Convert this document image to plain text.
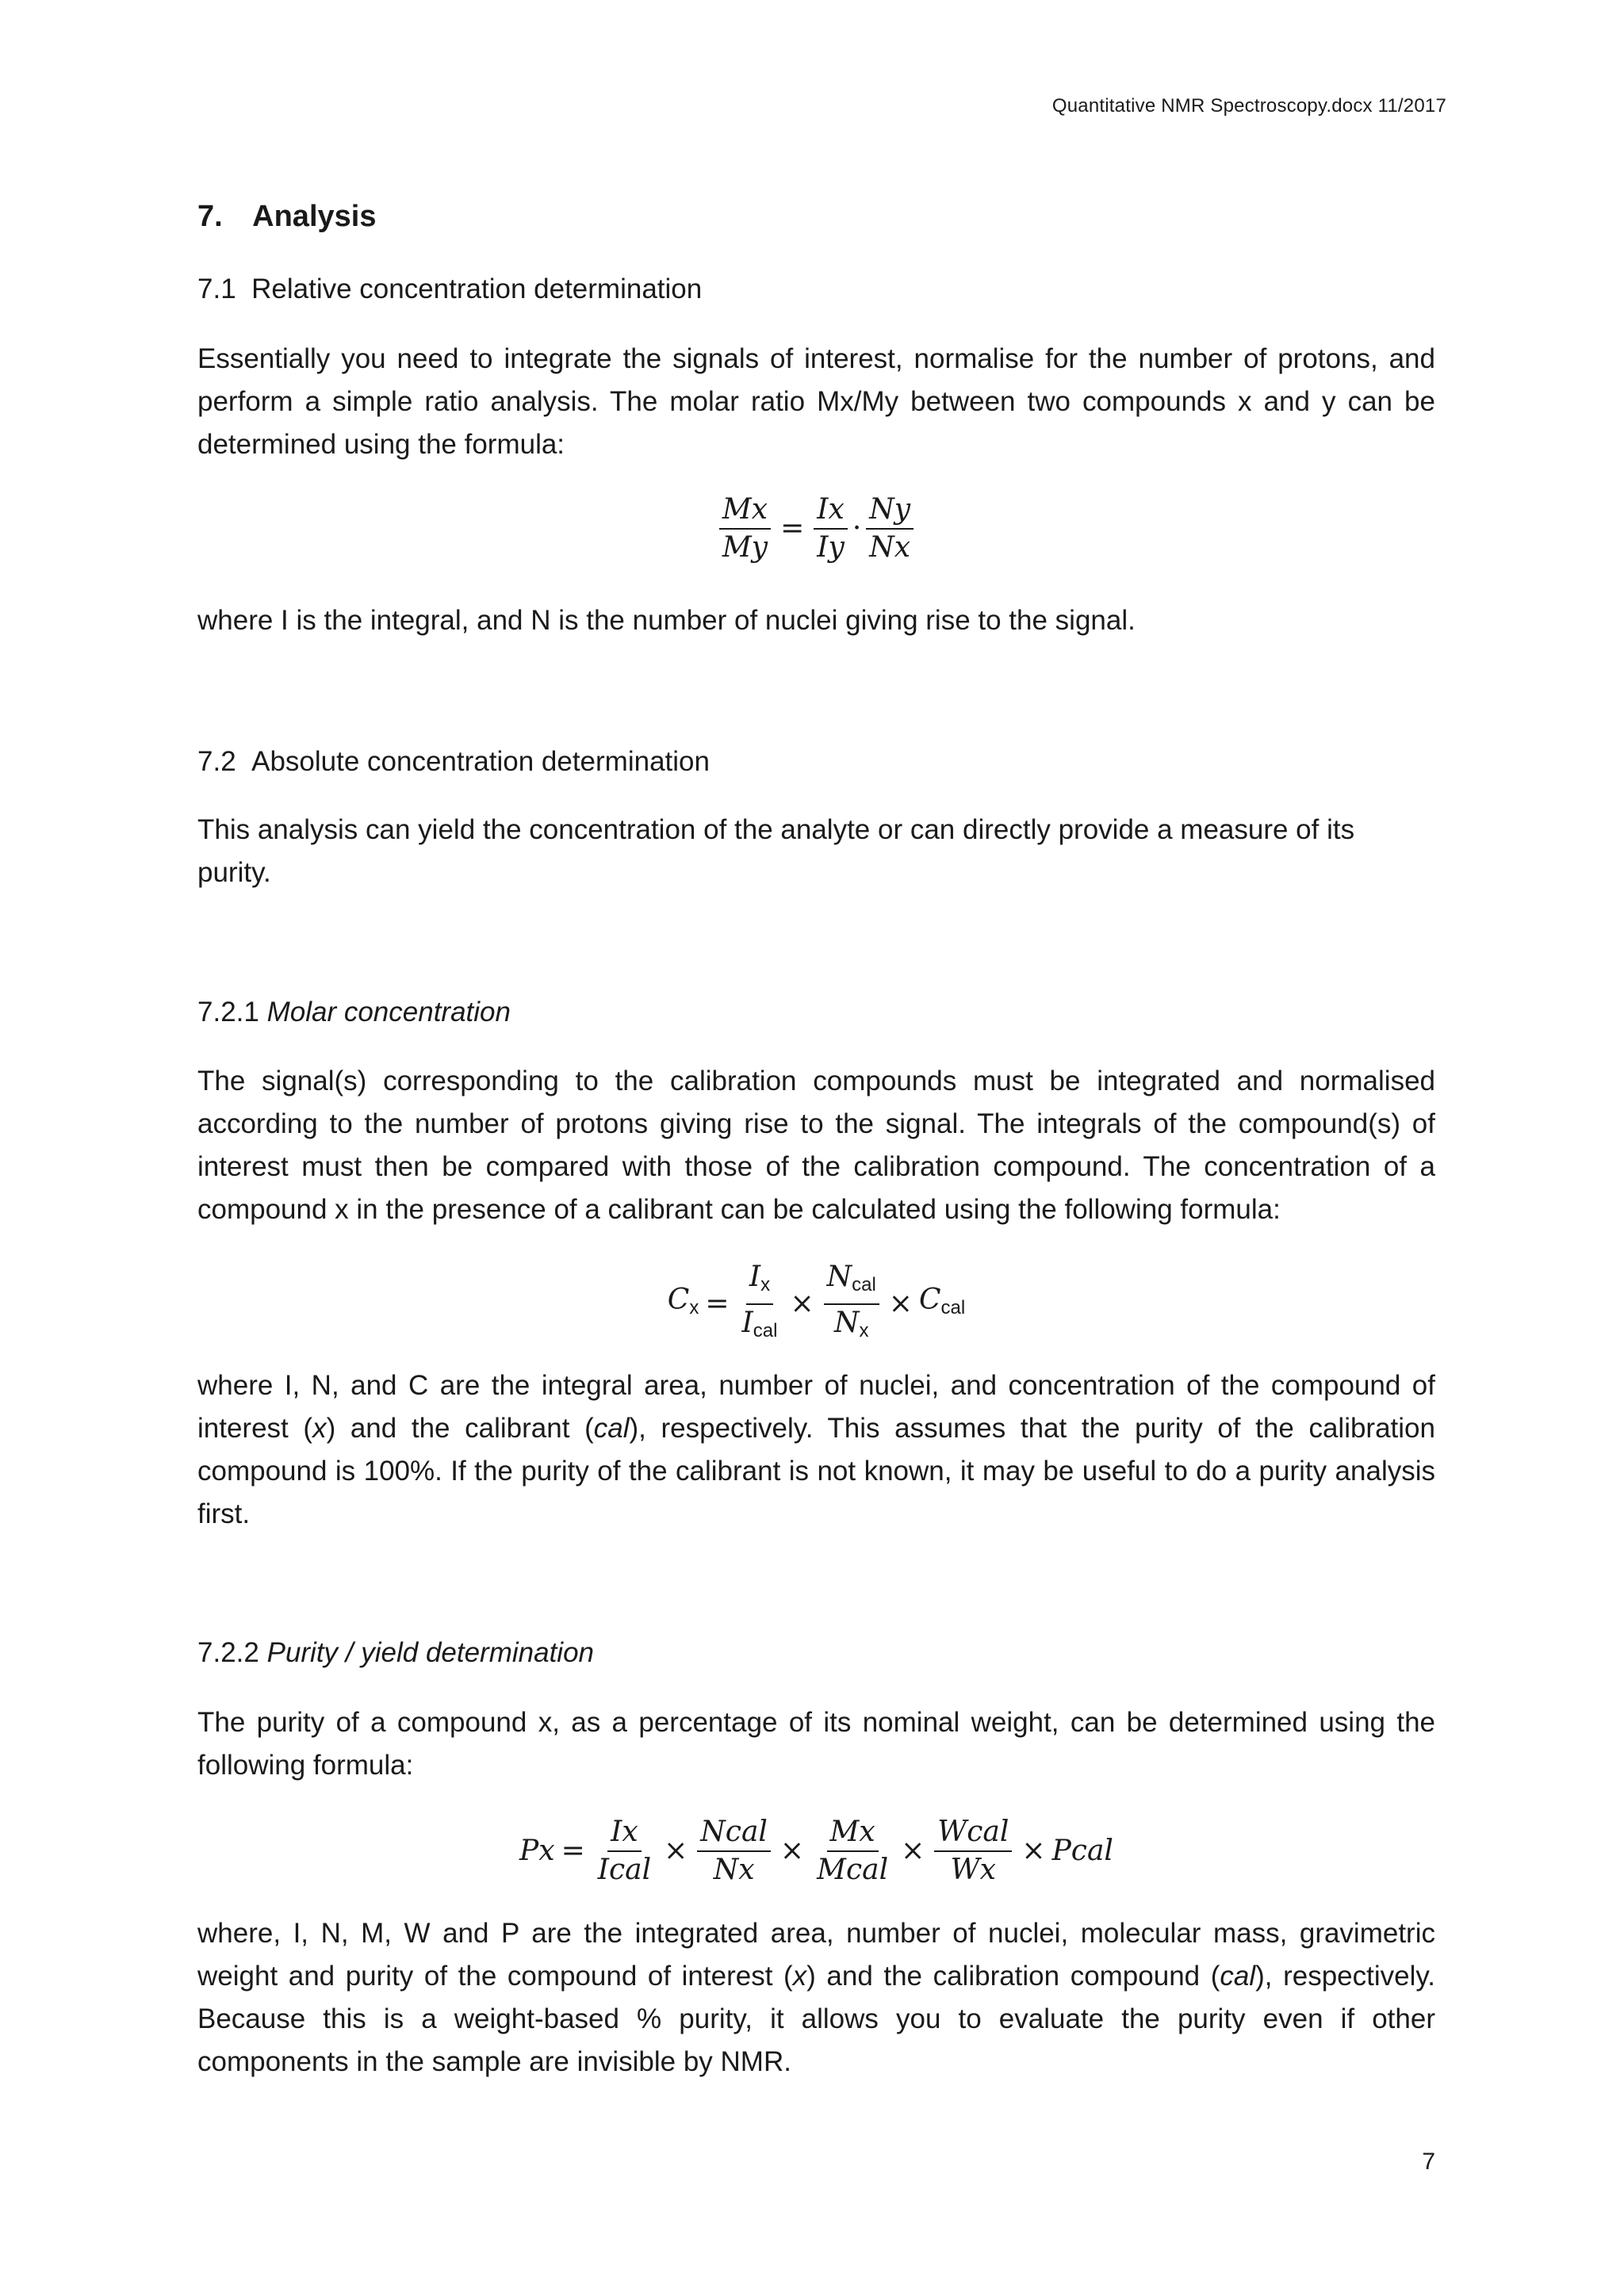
Quantitative NMR Spectroscopy.docx 11/2017
7. Analysis

7.1 Relative concentration determination

Essentially you need to integrate the signals of interest, normalise for the number of protons, and

perform a simple ratio analysis. The molar ratio Mx/My between two compounds x and y can be

determined using the formula:

$\frac{Mx}{My} = \frac{Ix}{Iy} \cdot \frac{Ny}{Nx}$

where I is the integral, and N is the number of nuclei giving rise to the signal.

7.2 Absolute concentration determination

This analysis can yield the concentration of the analyte or can directly provide a measure of its

purity.

7.2.1 Molar concentration

The signal(s) corresponding to the calibration compounds must be integrated and normalised

according to the number of protons giving rise to the signal. The integrals of the compound(s) of

interest must then be compared with those of the calibration compound. The concentration of a

compound x in the presence of a calibrant can be calculated using the following formula:

$Cx = \frac{Ix}{\text{Ical}} \times \frac{\text{Ncal}}{Nx}$ × Ccal

where I, N, and C are the integral area, number of nuclei, and concentration of the compound of

interest (x) and the calibrant (cal), respectively. This assumes that the purity of the calibration

compound is 100%. If the purity of the calibrant is not known, it may be useful to do a purity analysis

first.

7.2.2 Purity / yield determination

The purity of a compound x, as a percentage of its nominal weight, can be determined using the

following formula:

$Px = \frac{Ix}{\text{Ical}} \times \frac{\text{Ncal}}{Nx} \times \frac{Mx}{\text{Mcal}} \times \frac{\text{Wcal}}{Wx}$ × Pcal

where, I, N, M, W and P are the integrated area, number of nuclei, molecular mass, gravimetric

weight and purity of the compound of interest (x) and the calibration compound (cal), respectively.

Because this is a weight-based % purity, it allows you to evaluate the purity even if other

components in the sample are invisible by NMR.

7
